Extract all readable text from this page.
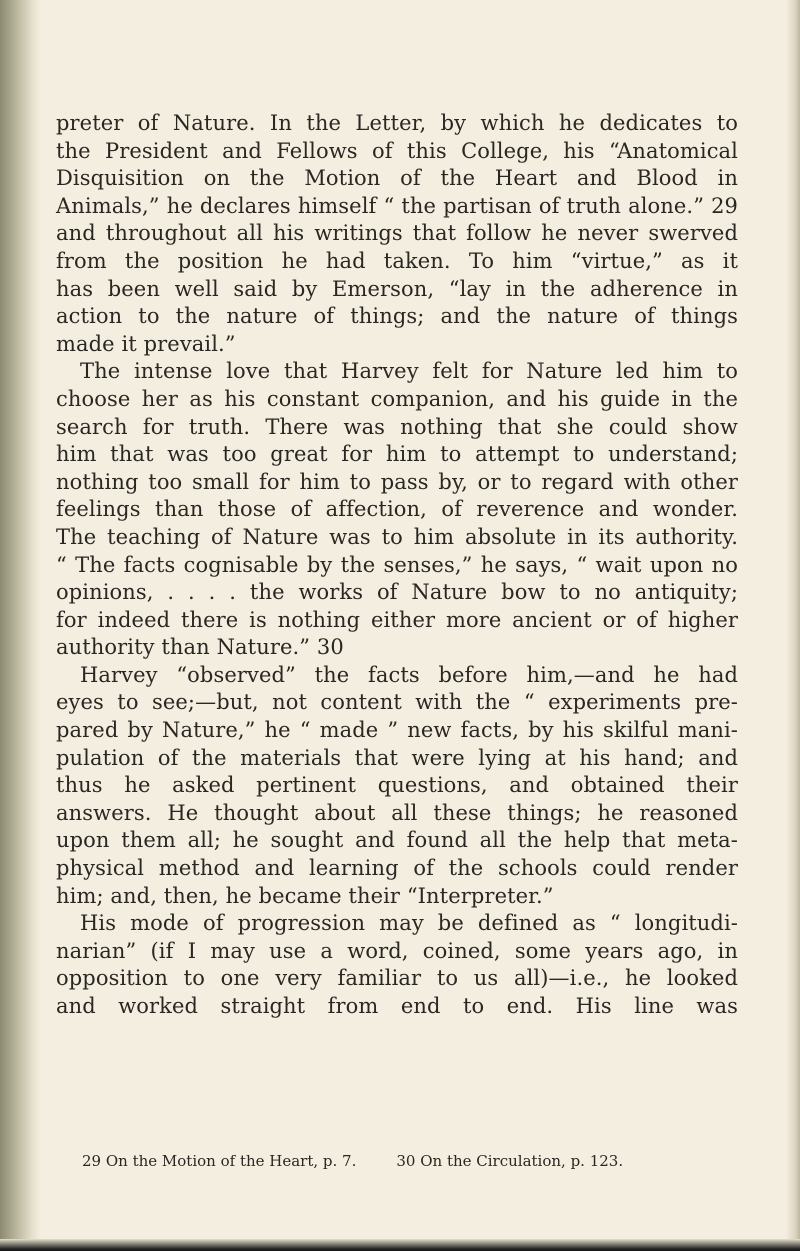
preter of Nature. In the Letter, by which he dedicates to
the President and Fellows of this College, his “Anatomical
Disquisition on the Motion of the Heart and Blood in
Animals,” he declares himself “ the partisan of truth alone.” 29
and throughout all his writings that follow he never swerved
from the position he had taken. To him “virtue,” as it
has been well said by Emerson, “lay in the adherence in
action to the nature of things; and the nature of things
made it prevail.”
The intense love that Harvey felt for Nature led him to
choose her as his constant companion, and his guide in the
search for truth. There was nothing that she could show
him that was too great for him to attempt to understand;
nothing too small for him to pass by, or to regard with other
feelings than those of affection, of reverence and wonder.
The teaching of Nature was to him absolute in its authority.
“ The facts cognisable by the senses,” he says, “ wait upon no
opinions, . . . . the works of Nature bow to no antiquity;
for indeed there is nothing either more ancient or of higher
authority than Nature.” 30
Harvey “observed” the facts before him,—and he had
eyes to see;—but, not content with the “ experiments pre-
pared by Nature,” he “ made ” new facts, by his skilful mani-
pulation of the materials that were lying at his hand; and
thus he asked pertinent questions, and obtained their
answers. He thought about all these things; he reasoned
upon them all; he sought and found all the help that meta-
physical method and learning of the schools could render
him; and, then, he became their “Interpreter.”
His mode of progression may be defined as “ longitudi-
narian” (if I may use a word, coined, some years ago, in
opposition to one very familiar to us all)—i.e., he looked
and worked straight from end to end. His line was
29 On the Motion of the Heart, p. 7.	30 On the Circulation, p. 123.
